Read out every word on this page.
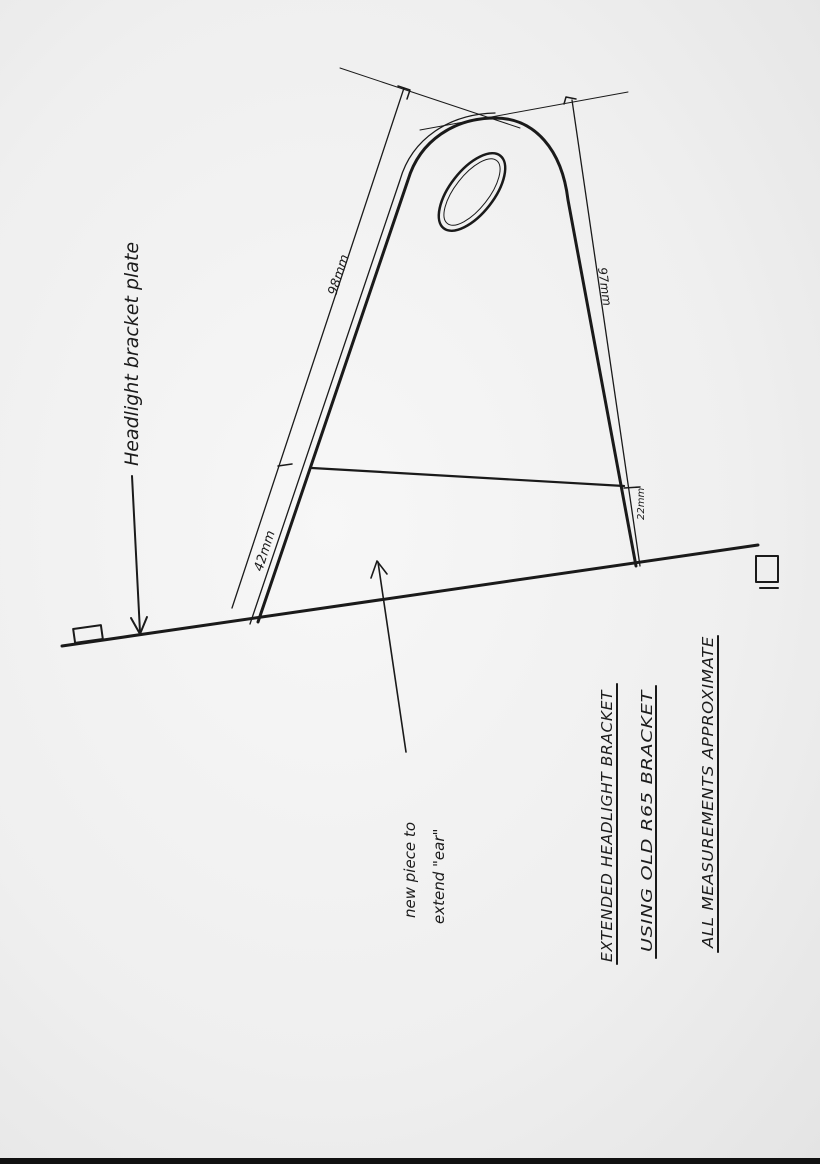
98mm
42mm
97mm
22mm
Headlight bracket plate
new piece to extend "ear"	EXTENDED HEADLIGHT BRACKET USING OLD R65 BRACKET	ALL MEASUREMENTS APPROXIMATE
